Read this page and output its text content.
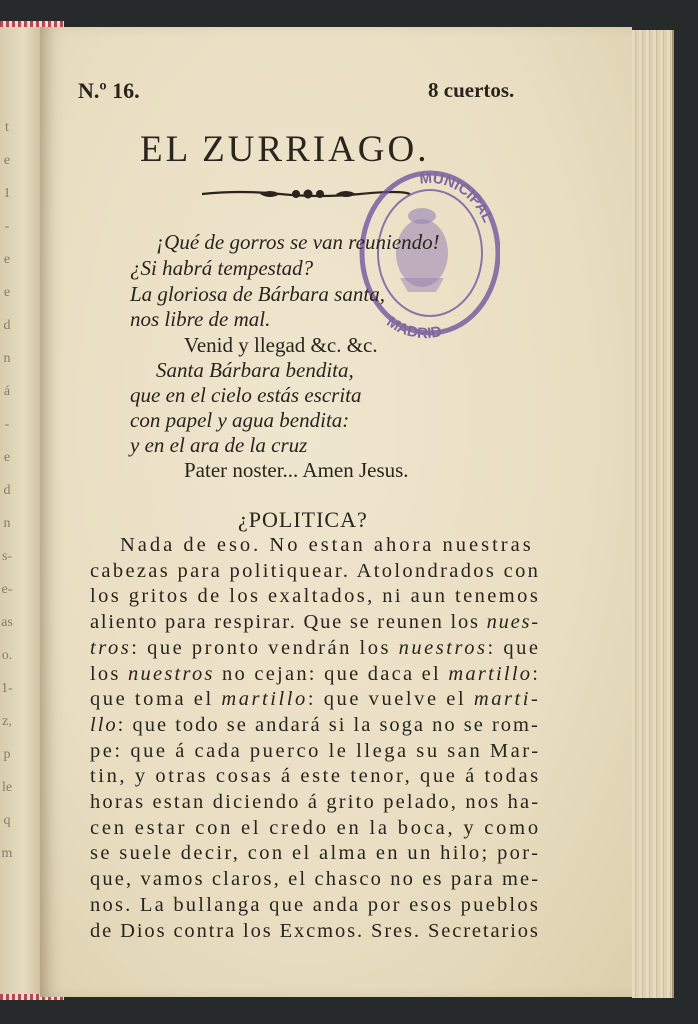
t
e
1
-
e
e
d
n
á
-
e
d
n
s-
e-
as
o.
1-
z,
p
le
q
m
N.º 16.	8 cuertos.
EL ZURRIAGO.
MUNICIPAL
MADRID
¡Qué de gorros se van reuniendo!
¿Si habrá tempestad?
La gloriosa de Bárbara santa,
nos libre de mal.
Venid y llegad &c. &c.
Santa Bárbara bendita,
que en el cielo estás escrita
con papel y agua bendita:
y en el ara de la cruz
Pater noster... Amen Jesus.
¿POLITICA?
Nada de eso. No estan ahora nuestras
cabezas para politiquear. Atolondrados con
los gritos de los exaltados, ni aun tenemos
aliento para respirar. Que se reunen los nues-
tros: que pronto vendrán los nuestros: que
los nuestros no cejan: que daca el martillo:
que toma el martillo: que vuelve el marti-
llo: que todo se andará si la soga no se rom-
pe: que á cada puerco le llega su san Mar-
tin, y otras cosas á este tenor, que á todas
horas estan diciendo á grito pelado, nos ha-
cen estar con el credo en la boca, y como
se suele decir, con el alma en un hilo; por-
que, vamos claros, el chasco no es para me-
nos. La bullanga que anda por esos pueblos
de Dios contra los Excmos. Sres. Secretarios
